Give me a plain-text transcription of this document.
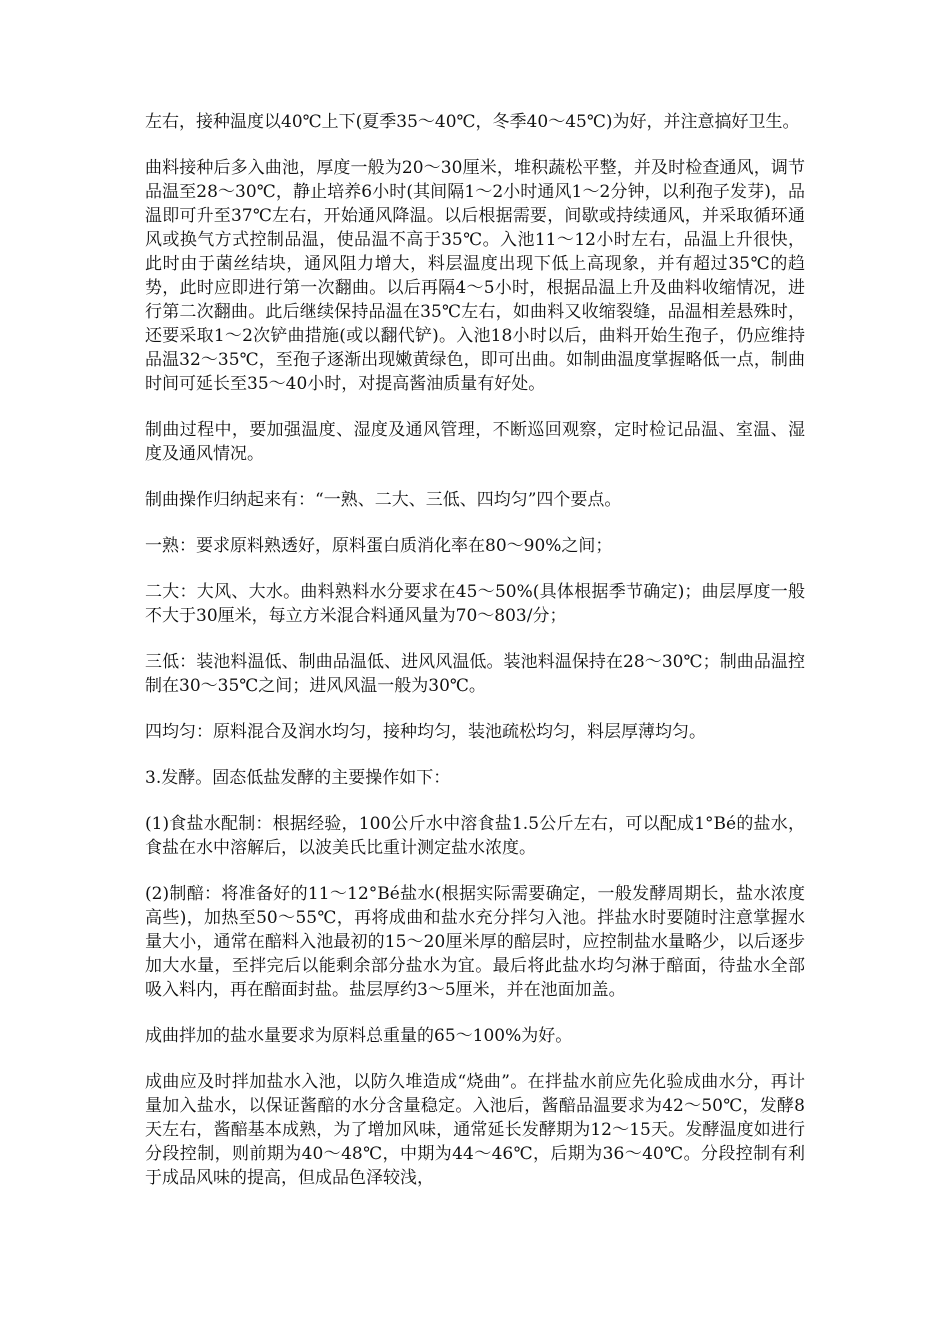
左右，接种温度以40℃上下(夏季35～40℃，冬季40～45℃)为好，并注意搞好卫生。

曲料接种后多入曲池，厚度一般为20～30厘米，堆积蔬松平整，并及时检查通风，调节品温至28～30℃，静止培养6小时(其间隔1～2小时通风1～2分钟，以利孢子发芽)，品温即可升至37℃左右，开始通风降温。以后根据需要，间歇或持续通风，并采取循环通风或换气方式控制品温，使品温不高于35℃。入池11～12小时左右，品温上升很快，此时由于菌丝结块，通风阻力增大，料层温度出现下低上高现象，并有超过35℃的趋势，此时应即进行第一次翻曲。以后再隔4～5小时，根据品温上升及曲料收缩情况，进行第二次翻曲。此后继续保持品温在35℃左右，如曲料又收缩裂缝，品温相差悬殊时，还要采取1～2次铲曲措施(或以翻代铲)。入池18小时以后，曲料开始生孢子，仍应维持品温32～35℃，至孢子逐渐出现嫩黄绿色，即可出曲。如制曲温度掌握略低一点，制曲时间可延长至35～40小时，对提高酱油质量有好处。

制曲过程中，要加强温度、湿度及通风管理，不断巡回观察，定时检记品温、室温、湿度及通风情况。

制曲操作归纳起来有：“一熟、二大、三低、四均匀”四个要点。

一熟：要求原料熟透好，原料蛋白质消化率在80～90%之间；

二大：大风、大水。曲料熟料水分要求在45～50%(具体根据季节确定)；曲层厚度一般不大于30厘米，每立方米混合料通风量为70～803/分；

三低：装池料温低、制曲品温低、进风风温低。装池料温保持在28～30℃；制曲品温控制在30～35℃之间；进风风温一般为30℃。

四均匀：原料混合及润水均匀，接种均匀，装池疏松均匀，料层厚薄均匀。

3.发酵。固态低盐发酵的主要操作如下：

(1)食盐水配制：根据经验，100公斤水中溶食盐1.5公斤左右，可以配成1°Bé的盐水，食盐在水中溶解后，以波美氏比重计测定盐水浓度。

(2)制醅：将准备好的11～12°Bé盐水(根据实际需要确定，一般发酵周期长，盐水浓度高些)，加热至50～55℃，再将成曲和盐水充分拌匀入池。拌盐水时要随时注意掌握水量大小，通常在醅料入池最初的15～20厘米厚的醅层时，应控制盐水量略少，以后逐步加大水量，至拌完后以能剩余部分盐水为宜。最后将此盐水均匀淋于醅面，待盐水全部吸入料内，再在醅面封盐。盐层厚约3～5厘米，并在池面加盖。

成曲拌加的盐水量要求为原料总重量的65～100%为好。

成曲应及时拌加盐水入池，以防久堆造成“烧曲”。在拌盐水前应先化验成曲水分，再计量加入盐水，以保证酱醅的水分含量稳定。入池后，酱醅品温要求为42～50℃，发酵8天左右，酱醅基本成熟，为了增加风味，通常延长发酵期为12～15天。发酵温度如进行分段控制，则前期为40～48℃，中期为44～46℃，后期为36～40℃。分段控制有利于成品风味的提高，但成品色泽较浅，
